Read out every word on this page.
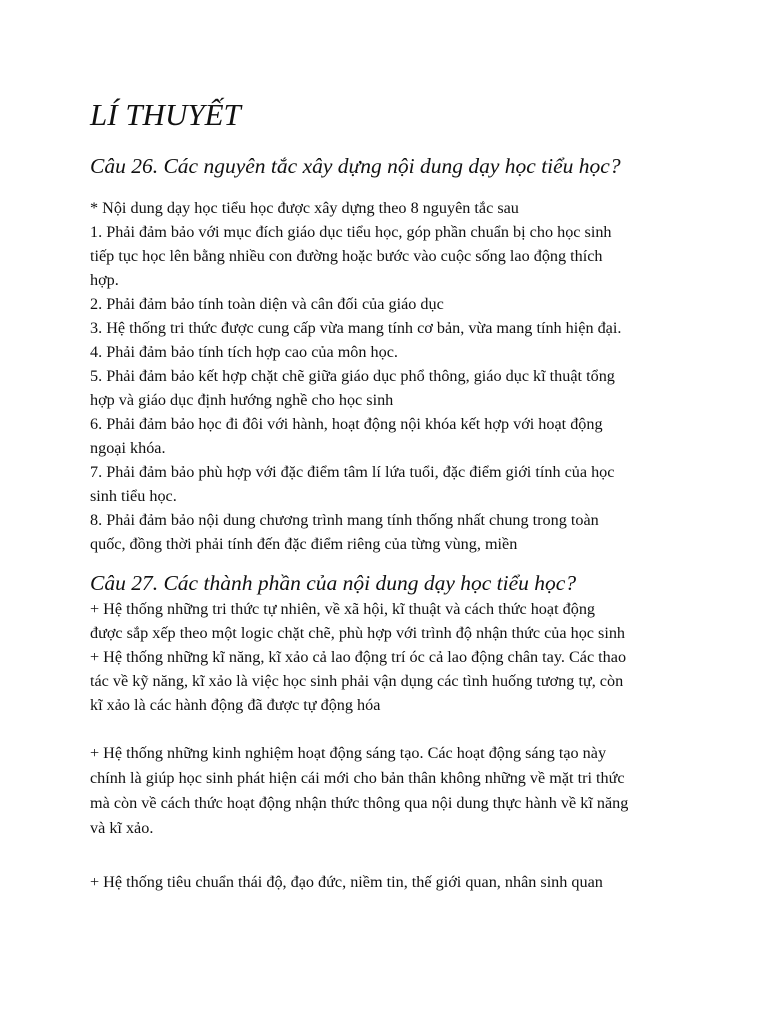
LÍ THUYẾT
Câu 26. Các nguyên tắc xây dựng nội dung dạy học tiểu học?
* Nội dung dạy học tiểu học được xây dựng theo 8 nguyên tắc sau
1. Phải đảm bảo với mục đích giáo dục tiểu học, góp phần chuẩn bị cho học sinh
tiếp tục học lên bằng nhiều con đường hoặc bước vào cuộc sống lao động thích
hợp.
2. Phải đảm bảo tính toàn diện và cân đối của giáo dục
3. Hệ thống tri thức được cung cấp vừa mang tính cơ bản, vừa mang tính hiện đại.
4. Phải đảm bảo tính tích hợp cao của môn học.
5. Phải đảm bảo kết hợp chặt chẽ giữa giáo dục phổ thông, giáo dục kĩ thuật tổng
hợp và giáo dục định hướng nghề cho học sinh
6. Phải đảm bảo học đi đôi với hành, hoạt động nội khóa kết hợp với hoạt động
ngoại khóa.
7. Phải đảm bảo phù hợp với đặc điểm tâm lí lứa tuổi, đặc điểm giới tính của học
sinh tiểu học.
8. Phải đảm bảo nội dung chương trình mang tính thống nhất chung trong toàn
quốc, đồng thời phải tính đến đặc điểm riêng của từng vùng, miền
Câu 27. Các thành phần của nội dung dạy học tiểu học?
+ Hệ thống những tri thức tự nhiên, về xã hội, kĩ thuật và cách thức hoạt động
được sắp xếp theo một logic chặt chẽ, phù hợp với trình độ nhận thức của học sinh
+ Hệ thống những kĩ năng, kĩ xảo cả lao động trí óc cả lao động chân tay. Các thao
tác về kỹ năng, kĩ xảo là việc học sinh phải vận dụng các tình huống tương tự, còn
kĩ xảo là các hành động đã được tự động hóa
+ Hệ thống những kinh nghiệm hoạt động sáng tạo. Các hoạt động sáng tạo này
chính là giúp học sinh phát hiện cái mới cho bản thân không những về mặt tri thức
mà còn về cách thức hoạt động nhận thức thông qua nội dung thực hành về kĩ năng
và kĩ xảo.
+ Hệ thống tiêu chuẩn thái độ, đạo đức, niềm tin, thế giới quan, nhân sinh quan
